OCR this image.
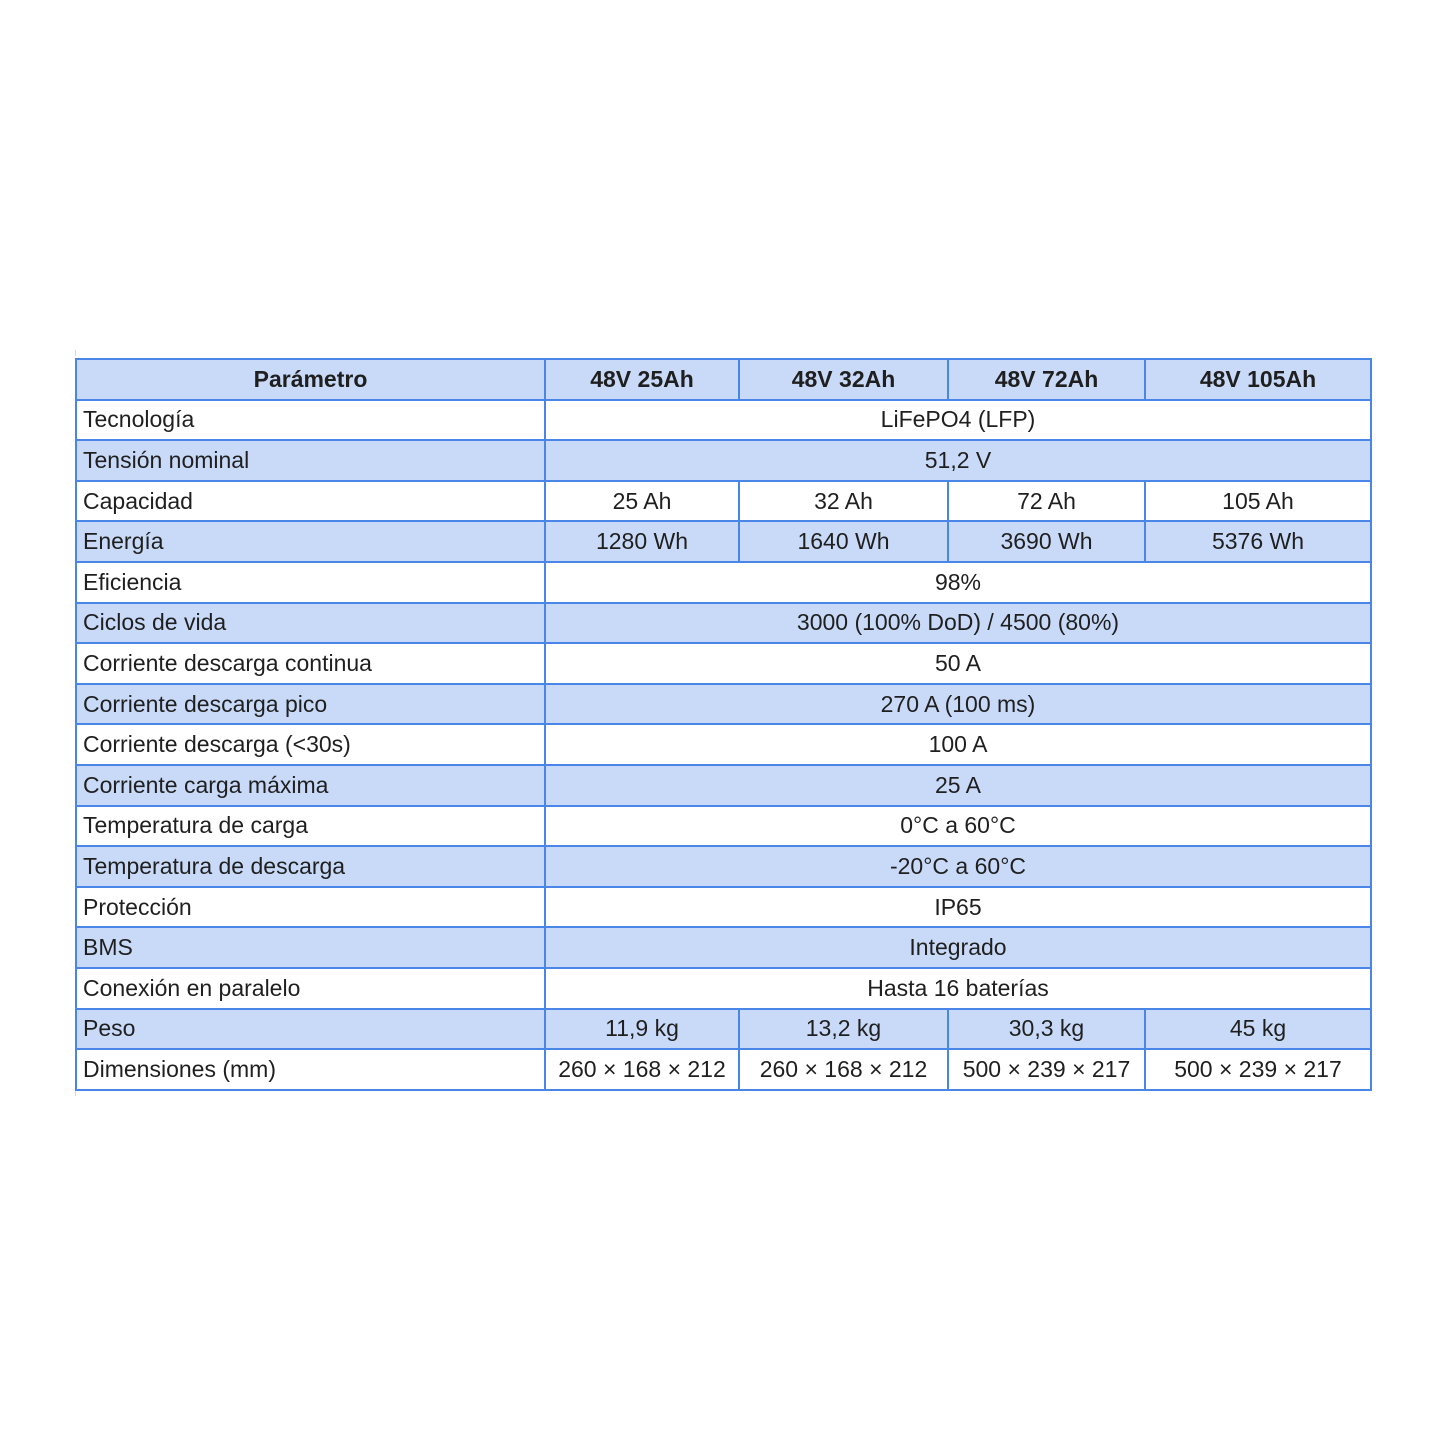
Parámetro	48V 25Ah	48V 32Ah	48V 72Ah	48V 105Ah
Tecnología	LiFePO4 (LFP)			
Tensión nominal	51,2 V			
Capacidad	25 Ah	32 Ah	72 Ah	105 Ah
Energía	1280 Wh	1640 Wh	3690 Wh	5376 Wh
Eficiencia	98%			
Ciclos de vida	3000 (100% DoD) / 4500 (80%)			
Corriente descarga continua	50 A			
Corriente descarga pico	270 A (100 ms)			
Corriente descarga (<30s)	100 A			
Corriente carga máxima	25 A			
Temperatura de carga	0°C a 60°C			
Temperatura de descarga	-20°C a 60°C			
Protección	IP65			
BMS	Integrado			
Conexión en paralelo	Hasta 16 baterías			
Peso	11,9 kg	13,2 kg	30,3 kg	45 kg
Dimensiones (mm)	260 × 168 × 212	260 × 168 × 212	500 × 239 × 217	500 × 239 × 217
